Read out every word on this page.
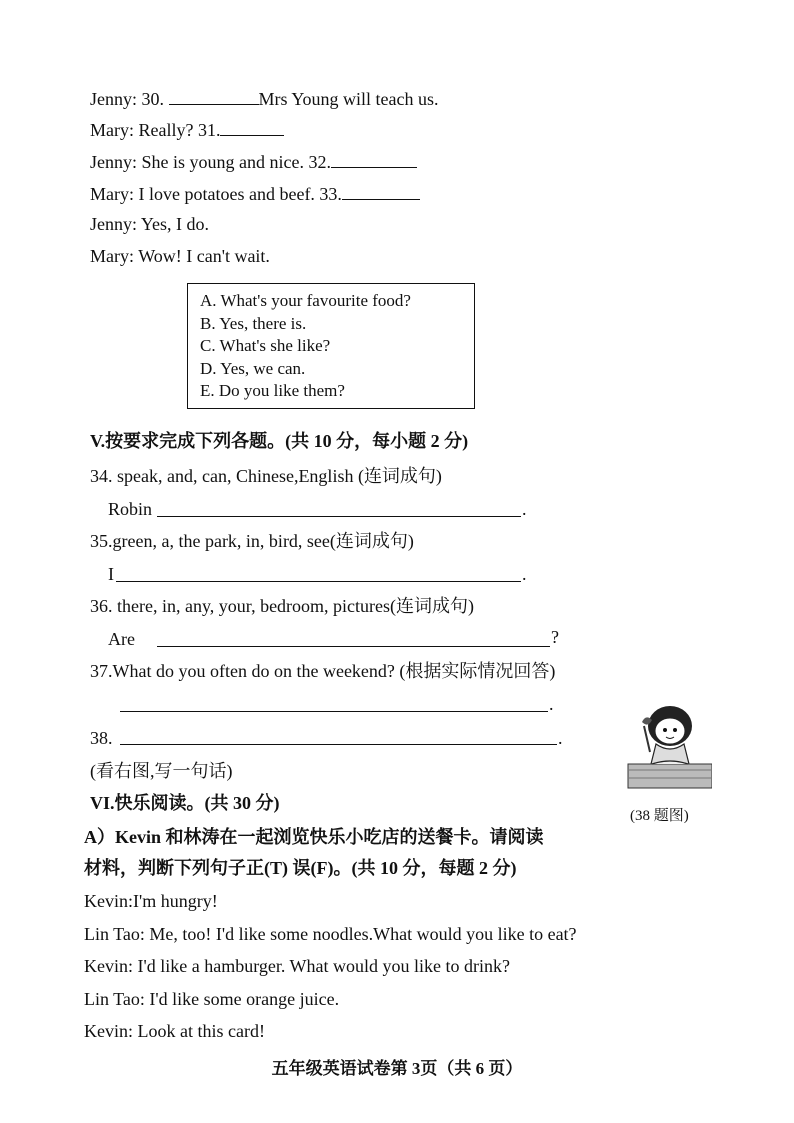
Jenny: 30.	Mrs Young will teach us.
Mary: Really? 31.
Jenny: She is young and nice. 32.
Mary: I love potatoes and beef. 33.
Jenny: Yes, I do.
Mary: Wow! I can't wait.
A. What's your favourite food?
B. Yes, there is.
C. What's she like?
D. Yes, we can.
E. Do you like them?
V.按要求完成下列各题。(共 10 分，每小题 2 分)
34. speak, and, can, Chinese,English (连词成句)
Robin	.
35.green, a, the park, in, bird, see(连词成句)
I	.
36. there, in, any, your, bedroom, pictures(连词成句)
Are	?
37.What do you often do on the weekend? (根据实际情况回答)
.
38.	.
(看右图,写一句话)
(38 题图)
VI.快乐阅读。(共 30 分)
A）Kevin 和林涛在一起浏览快乐小吃店的送餐卡。请阅读
材料，判断下列句子正(T) 误(F)。(共 10 分，每题 2 分)
Kevin:I'm hungry!
Lin Tao: Me, too! I'd like some noodles.What would you like to eat?
Kevin: I'd like a hamburger. What would you like to drink?
Lin Tao: I'd like some orange juice.
Kevin: Look at this card!
五年级英语试卷第 3页（共 6 页）
